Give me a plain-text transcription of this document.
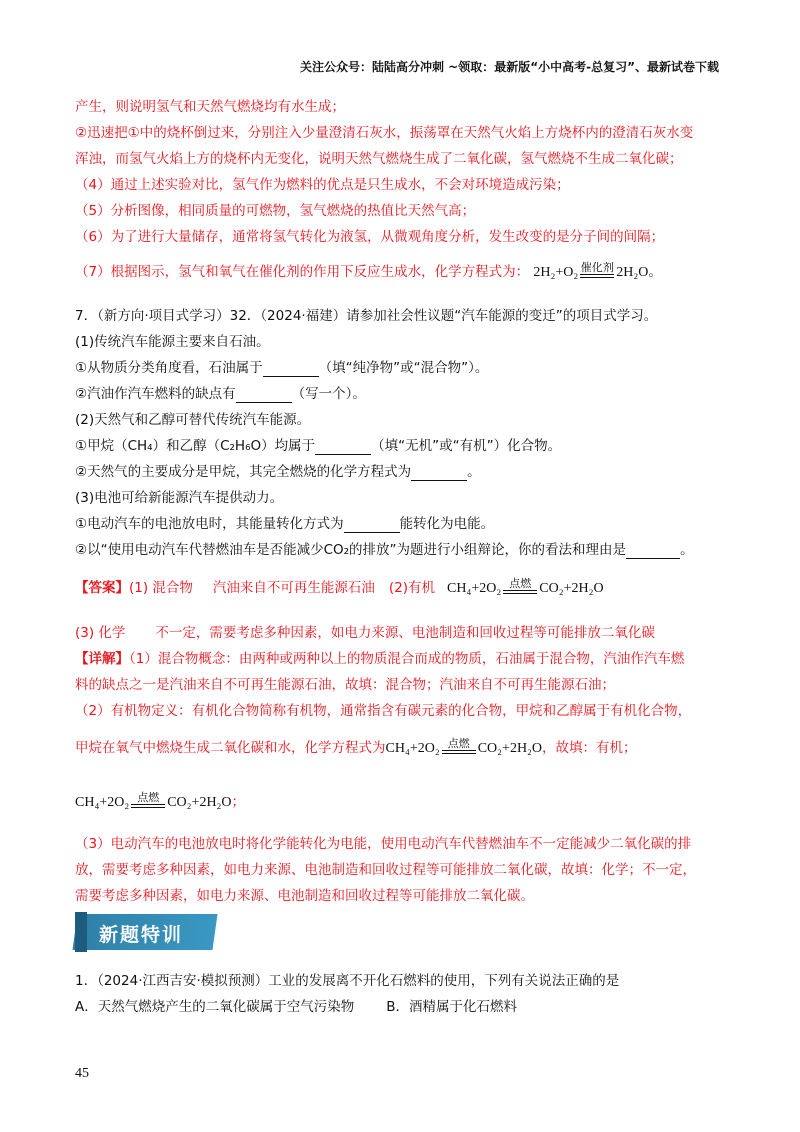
关注公众号：陆陆高分冲刺 ~领取：最新版“小中高考-总复习”、最新试卷下载
产生，则说明氢气和天然气燃烧均有水生成；
②迅速把①中的烧杯倒过来，分别注入少量澄清石灰水，振荡罩在天然气火焰上方烧杯内的澄清石灰水变
浑浊，而氢气火焰上方的烧杯内无变化，说明天然气燃烧生成了二氧化碳，氢气燃烧不生成二氧化碳；
（4）通过上述实验对比，氢气作为燃料的优点是只生成水，不会对环境造成污染；
（5）分析图像，相同质量的可燃物，氢气燃烧的热值比天然气高；
（6）为了进行大量储存，通常将氢气转化为液氢，从微观角度分析，发生改变的是分子间的间隔；
（7）根据图示，氢气和氧气在催化剂的作用下反应生成水，化学方程式为： 2H₂+O₂ 催化剂 2H₂O。
7．（新方向·项目式学习）32．（2024·福建）请参加社会性议题“汽车能源的变迁”的项目式学习。
(1)传统汽车能源主要来自石油。
①从物质分类角度看，石油属于	（填“纯净物”或“混合物”）。
②汽油作汽车燃料的缺点有	（写一个）。
(2)天然气和乙醇可替代传统汽车能源。
①甲烷（CH₄）和乙醇（C₂H₆O）均属于	（填“无机”或“有机”）化合物。
②天然气的主要成分是甲烷，其完全燃烧的化学方程式为	。
(3)电池可给新能源汽车提供动力。
①电动汽车的电池放电时，其能量转化方式为	能转化为电能。
②以“使用电动汽车代替燃油车是否能减少CO₂的排放”为题进行小组辩论，你的看法和理由是	。
【答案】(1) 混合物 汽油来自不可再生能源石油 (2)有机 CH₄+2O₂ 点燃 CO₂+2H₂O
(3) 化学 不一定，需要考虑多种因素，如电力来源、电池制造和回收过程等可能排放二氧化碳
【详解】（1）混合物概念：由两种或两种以上的物质混合而成的物质，石油属于混合物，汽油作汽车燃
料的缺点之一是汽油来自不可再生能源石油，故填：混合物；汽油来自不可再生能源石油；
（2）有机物定义：有机化合物简称有机物，通常指含有碳元素的化合物，甲烷和乙醇属于有机化合物，
甲烷在氧气中燃烧生成二氧化碳和水，化学方程式为CH₄+2O₂ 点燃 CO₂+2H₂O，故填：有机；
CH₄+2O₂ 点燃 CO₂+2H₂O；
（3）电动汽车的电池放电时将化学能转化为电能，使用电动汽车代替燃油车不一定能减少二氧化碳的排
放，需要考虑多种因素，如电力来源、电池制造和回收过程等可能排放二氧化碳，故填：化学；不一定，
需要考虑多种因素，如电力来源、电池制造和回收过程等可能排放二氧化碳。
新题特训
1．（2024·江西吉安·模拟预测）工业的发展离不开化石燃料的使用，下列有关说法正确的是
A．天然气燃烧产生的二氧化碳属于空气污染物 B．酒精属于化石燃料
45
